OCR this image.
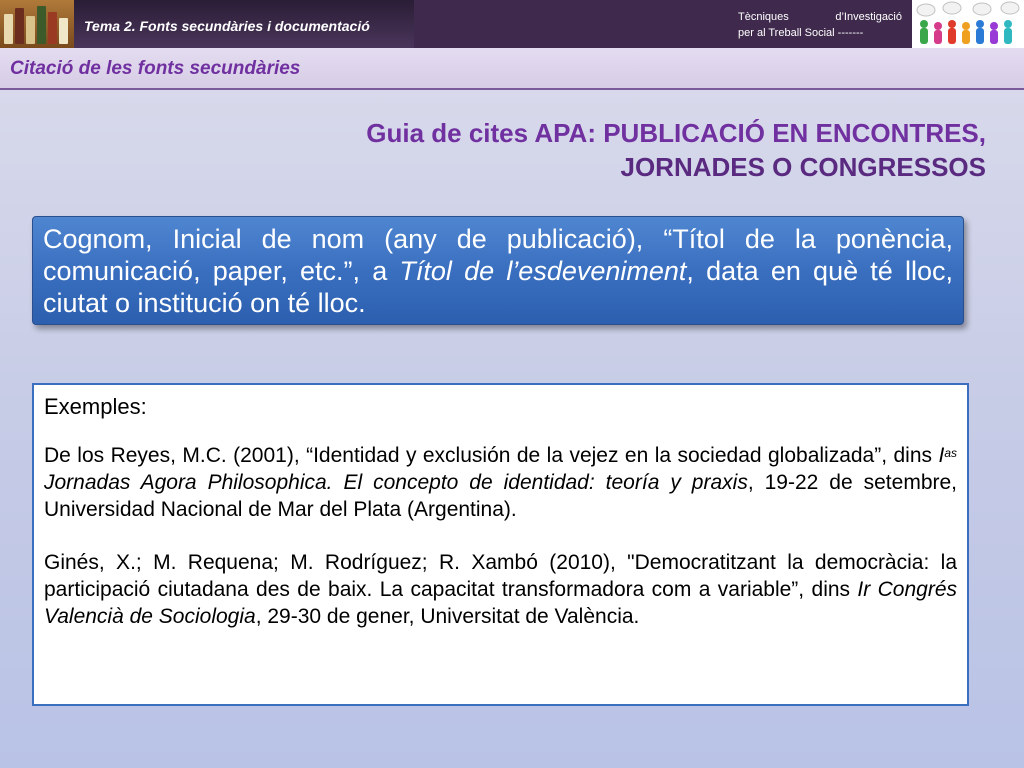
Tema 2. Fonts secundàries i documentació
Tècniques	d’Investigació
per al Treball Social -------
Citació de les fonts secundàries
Guia de cites APA: PUBLICACIÓ EN ENCONTRES,
JORNADES O CONGRESSOS
Cognom, Inicial de nom (any de publicació), “Títol de la ponència, comunicació, paper, etc.”, a Títol de l’esdeveniment, data en què té lloc, ciutat o institució on té lloc.
Exemples:
De los Reyes, M.C. (2001), “Identidad y exclusión de la vejez en la sociedad globalizada”, dins $I^{as}$ Jornadas Agora Philosophica. El concepto de identidad: teoría y praxis, 19-22 de setembre, Universidad Nacional de Mar del Plata (Argentina).
Ginés, X.; M. Requena; M. Rodríguez; R. Xambó (2010), "Democratitzant la democràcia: la participació ciutadana des de baix. La capacitat transformadora com a variable”, dins Ir Congrés Valencià de Sociologia, 29-30 de gener, Universitat de València.
